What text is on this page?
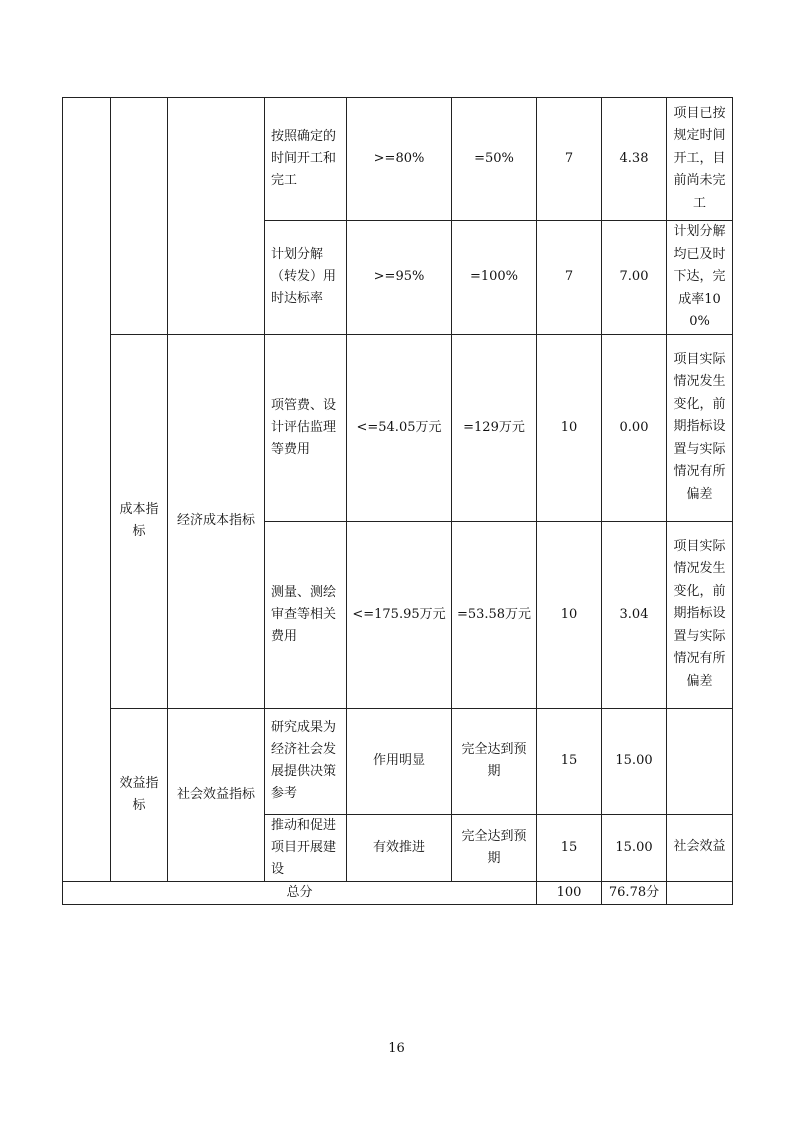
			按照确定的时间开工和完工	>=80%	=50%	7	4.38	项目已按规定时间开工，目前尚未完工
			计划分解（转发）用时达标率	>=95%	=100%	7	7.00	计划分解均已及时下达，完成率100%
	成本指标	经济成本指标	项管费、设计评估监理等费用	<=54.05万元	=129万元	10	0.00	项目实际情况发生变化，前期指标设置与实际情况有所偏差
			测量、测绘审查等相关费用	<=175.95万元	=53.58万元	10	3.04	项目实际情况发生变化，前期指标设置与实际情况有所偏差
	效益指标	社会效益指标	研究成果为经济社会发展提供决策参考	作用明显	完全达到预期	15	15.00	
			推动和促进项目开展建设	有效推进	完全达到预期	15	15.00	社会效益
总分						100	76.78分	
16
